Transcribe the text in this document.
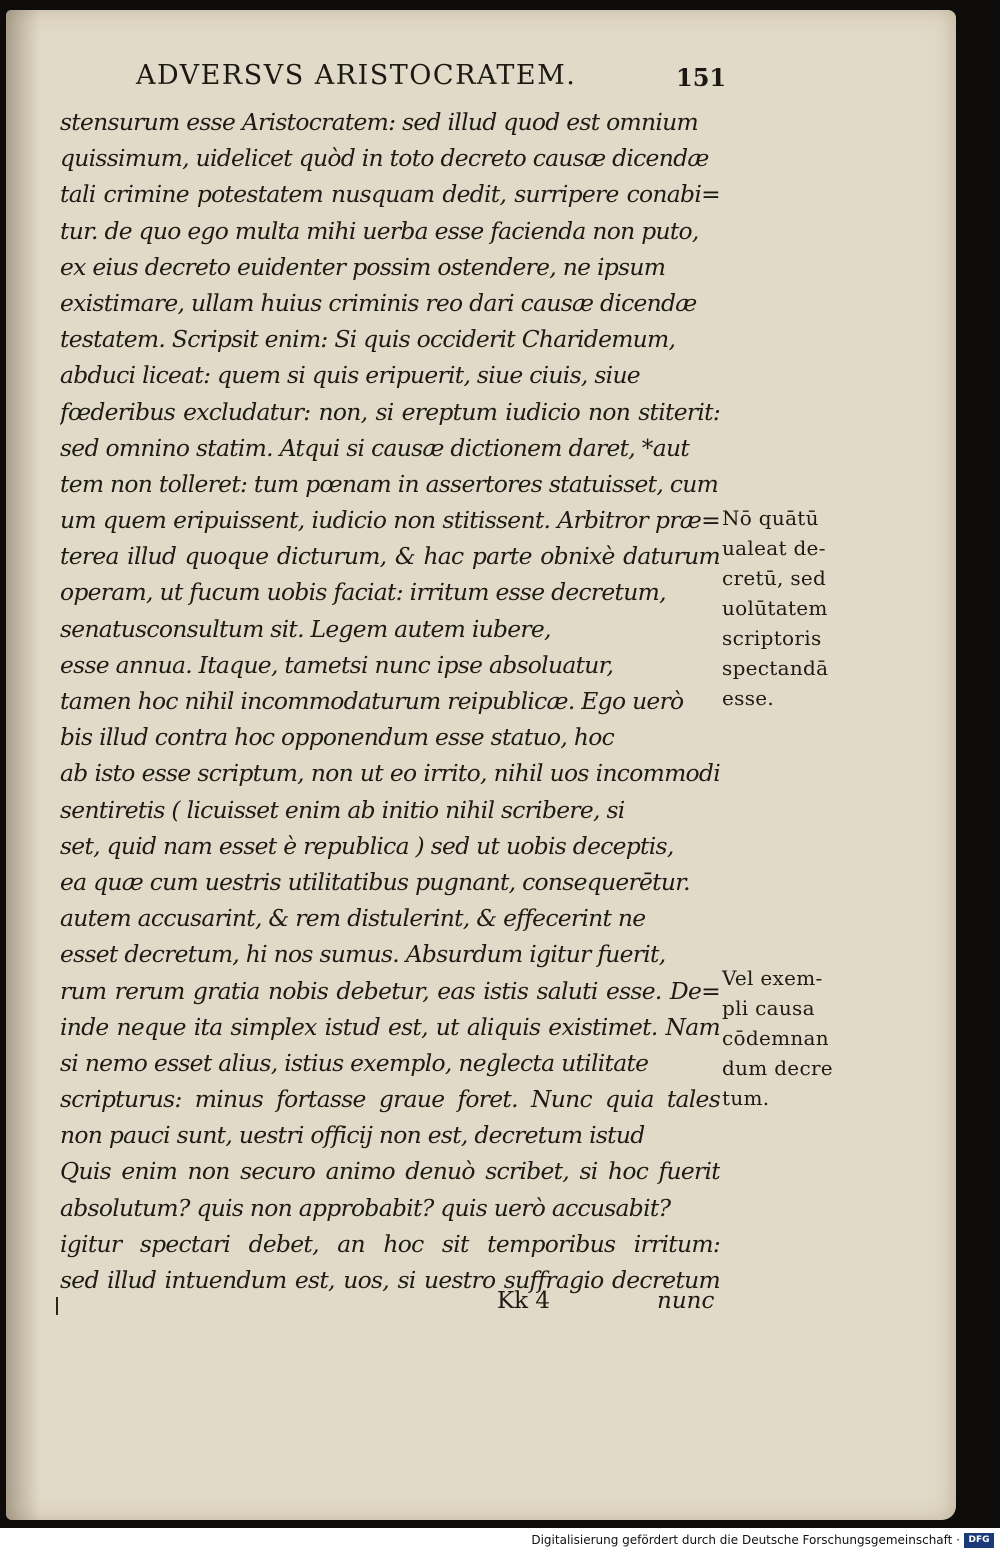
ADVERSVS ARISTOCRATEM.	151
stensurum esse Aristocratem: sed illud quod est omnium
quissimum, uidelicet quòd in toto decreto causæ dicendæ
tali crimine potestatem nusquam dedit, surripere conabi=
tur. de quo ego multa mihi uerba esse facienda non puto,
ex eius decreto euidenter possim ostendere, ne ipsum
existimare, ullam huius criminis reo dari causæ dicendæ
testatem. Scripsit enim: Si quis occiderit Charidemum,
abduci liceat: quem si quis eripuerit, siue ciuis, siue
fœderibus excludatur: non, si ereptum iudicio non stiterit:
sed omnino statim. Atqui si causæ dictionem daret, *aut
tem non tolleret: tum pœnam in assertores statuisset, cum
um quem eripuissent, iudicio non stitissent. Arbitror præ=
terea illud quoque dicturum, & hac parte obnixè daturum
operam, ut fucum uobis faciat: irritum esse decretum,
senatusconsultum sit. Legem autem iubere,
esse annua. Itaque, tametsi nunc ipse absoluatur,
tamen hoc nihil incommodaturum reipublicæ. Ego uerò
bis illud contra hoc opponendum esse statuo, hoc
ab isto esse scriptum, non ut eo irrito, nihil uos incommodi
sentiretis ( licuisset enim ab initio nihil scribere, si
set, quid nam esset è republica ) sed ut uobis deceptis,
ea quæ cum uestris utilitatibus pugnant, consequerētur.
autem accusarint, & rem distulerint, & effecerint ne
esset decretum, hi nos sumus. Absurdum igitur fuerit,
rum rerum gratia nobis debetur, eas istis saluti esse. De=
inde neque ita simplex istud est, ut aliquis existimet. Nam
si nemo esset alius, istius exemplo, neglecta utilitate
scripturus: minus fortasse graue foret. Nunc quia tales
non pauci sunt, uestri officij non est, decretum istud
Quis enim non securo animo denuò scribet, si hoc fuerit
absolutum? quis non approbabit? quis uerò accusabit?
igitur spectari debet, an hoc sit temporibus irritum:
sed illud intuendum est, uos, si uestro suffragio decretum
Nō quātū
ualeat de-
cretū, sed
uolūtatem
scriptoris
spectandā
esse.
Vel exem-
pli causa
cōdemnan
dum decre
tum.
Kk 4	nunc
Digitalisierung gefördert durch die Deutsche Forschungsgemeinschaft · DFG
